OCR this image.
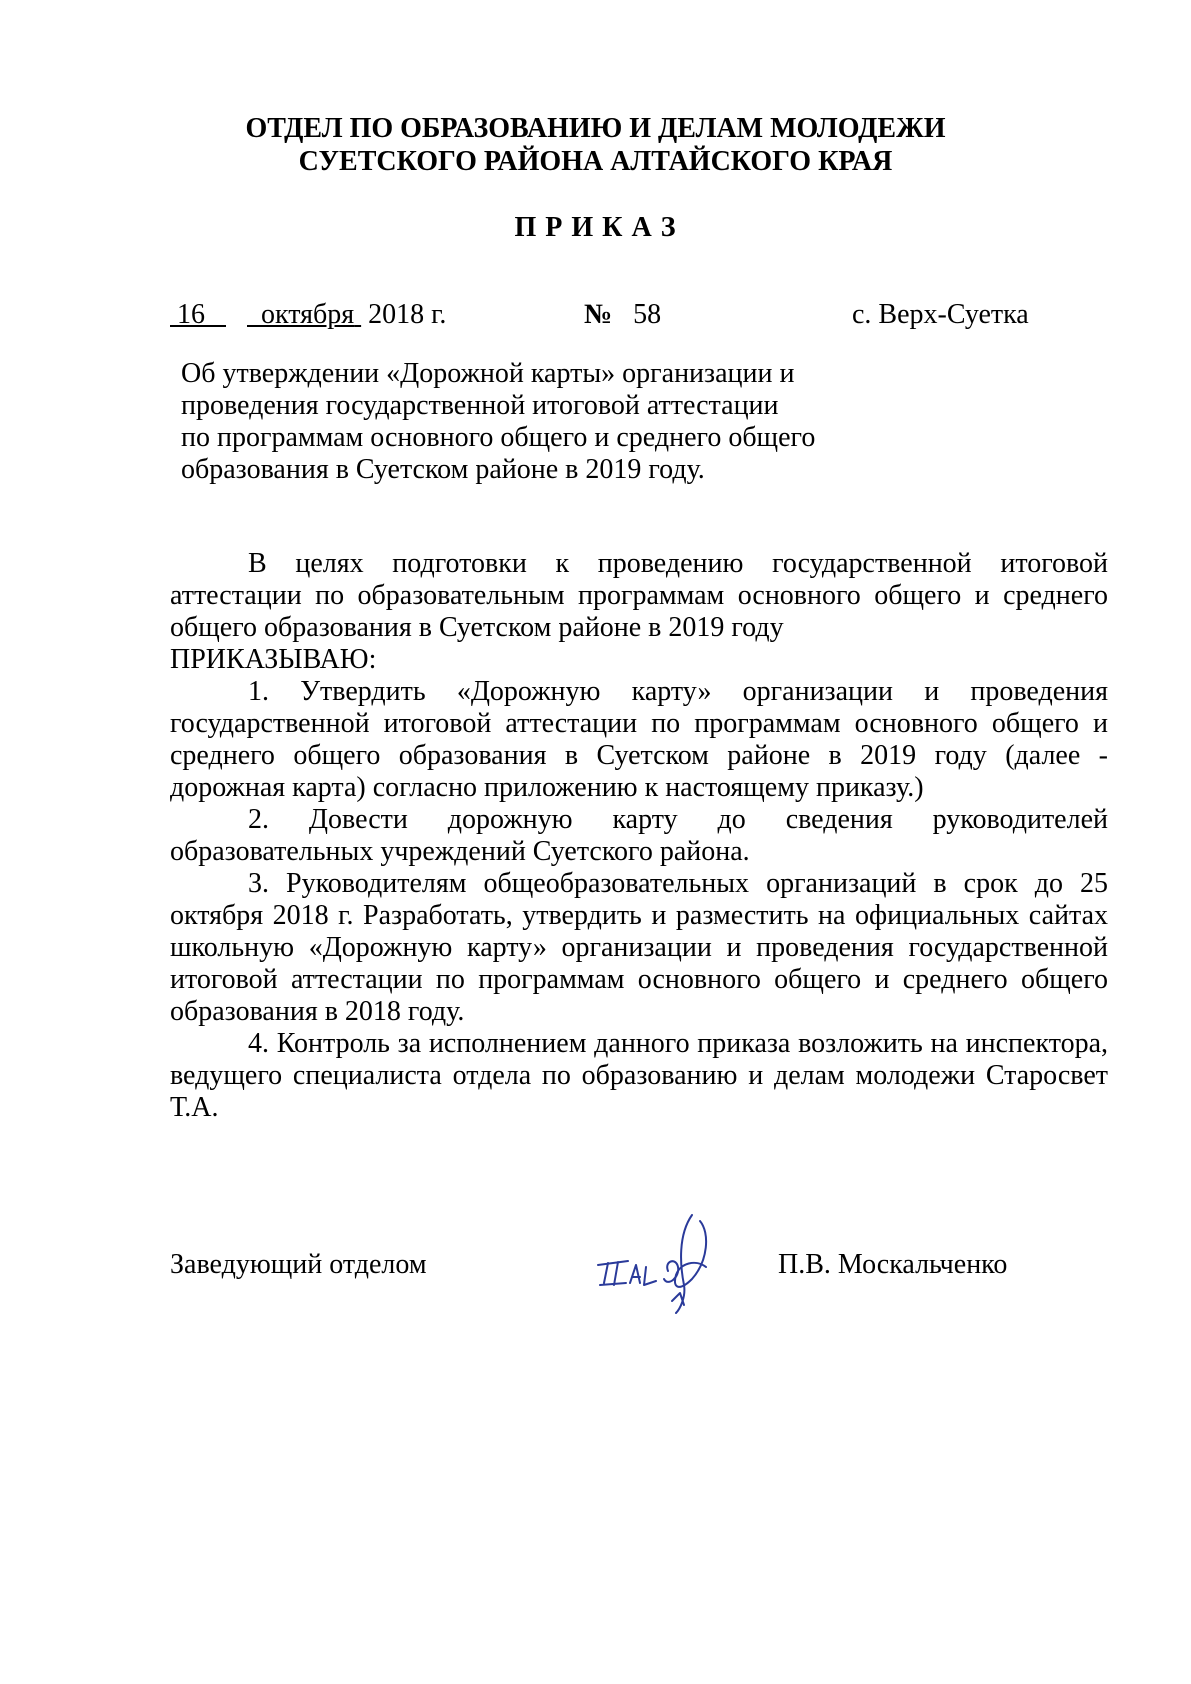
ОТДЕЛ ПО ОБРАЗОВАНИЮ И ДЕЛАМ МОЛОДЕЖИ
СУЕТСКОГО РАЙОНА АЛТАЙСКОГО КРАЯ
П Р И К А З
16 октября 2018 г.	№ 58	с. Верх-Суетка
Об утверждении «Дорожной карты» организации и
проведения государственной итоговой аттестации
по программам основного общего и среднего общего
образования в Суетском районе в 2019 году.

В целях подготовки к проведению государственной итоговой аттестации по образовательным программам основного общего и среднего общего образования в Суетском районе в 2019 году

ПРИКАЗЫВАЮ:

1. Утвердить «Дорожную карту» организации и проведения государственной итоговой аттестации по программам основного общего и среднего общего образования в Суетском районе в 2019 году (далее - дорожная карта) согласно приложению к настоящему приказу.)

2. Довести дорожную карту до сведения руководителей образовательных учреждений Суетского района.

3. Руководителям общеобразовательных организаций в срок до 25 октября 2018 г. Разработать, утвердить и разместить на официальных сайтах школьную «Дорожную карту» организации и проведения государственной итоговой аттестации по программам основного общего и среднего общего образования в 2018 году.

4. Контроль за исполнением данного приказа возложить на инспектора, ведущего специалиста отдела по образованию и делам молодежи Старосвет Т.А.

Заведующий отделом	П.В. Москальченко
